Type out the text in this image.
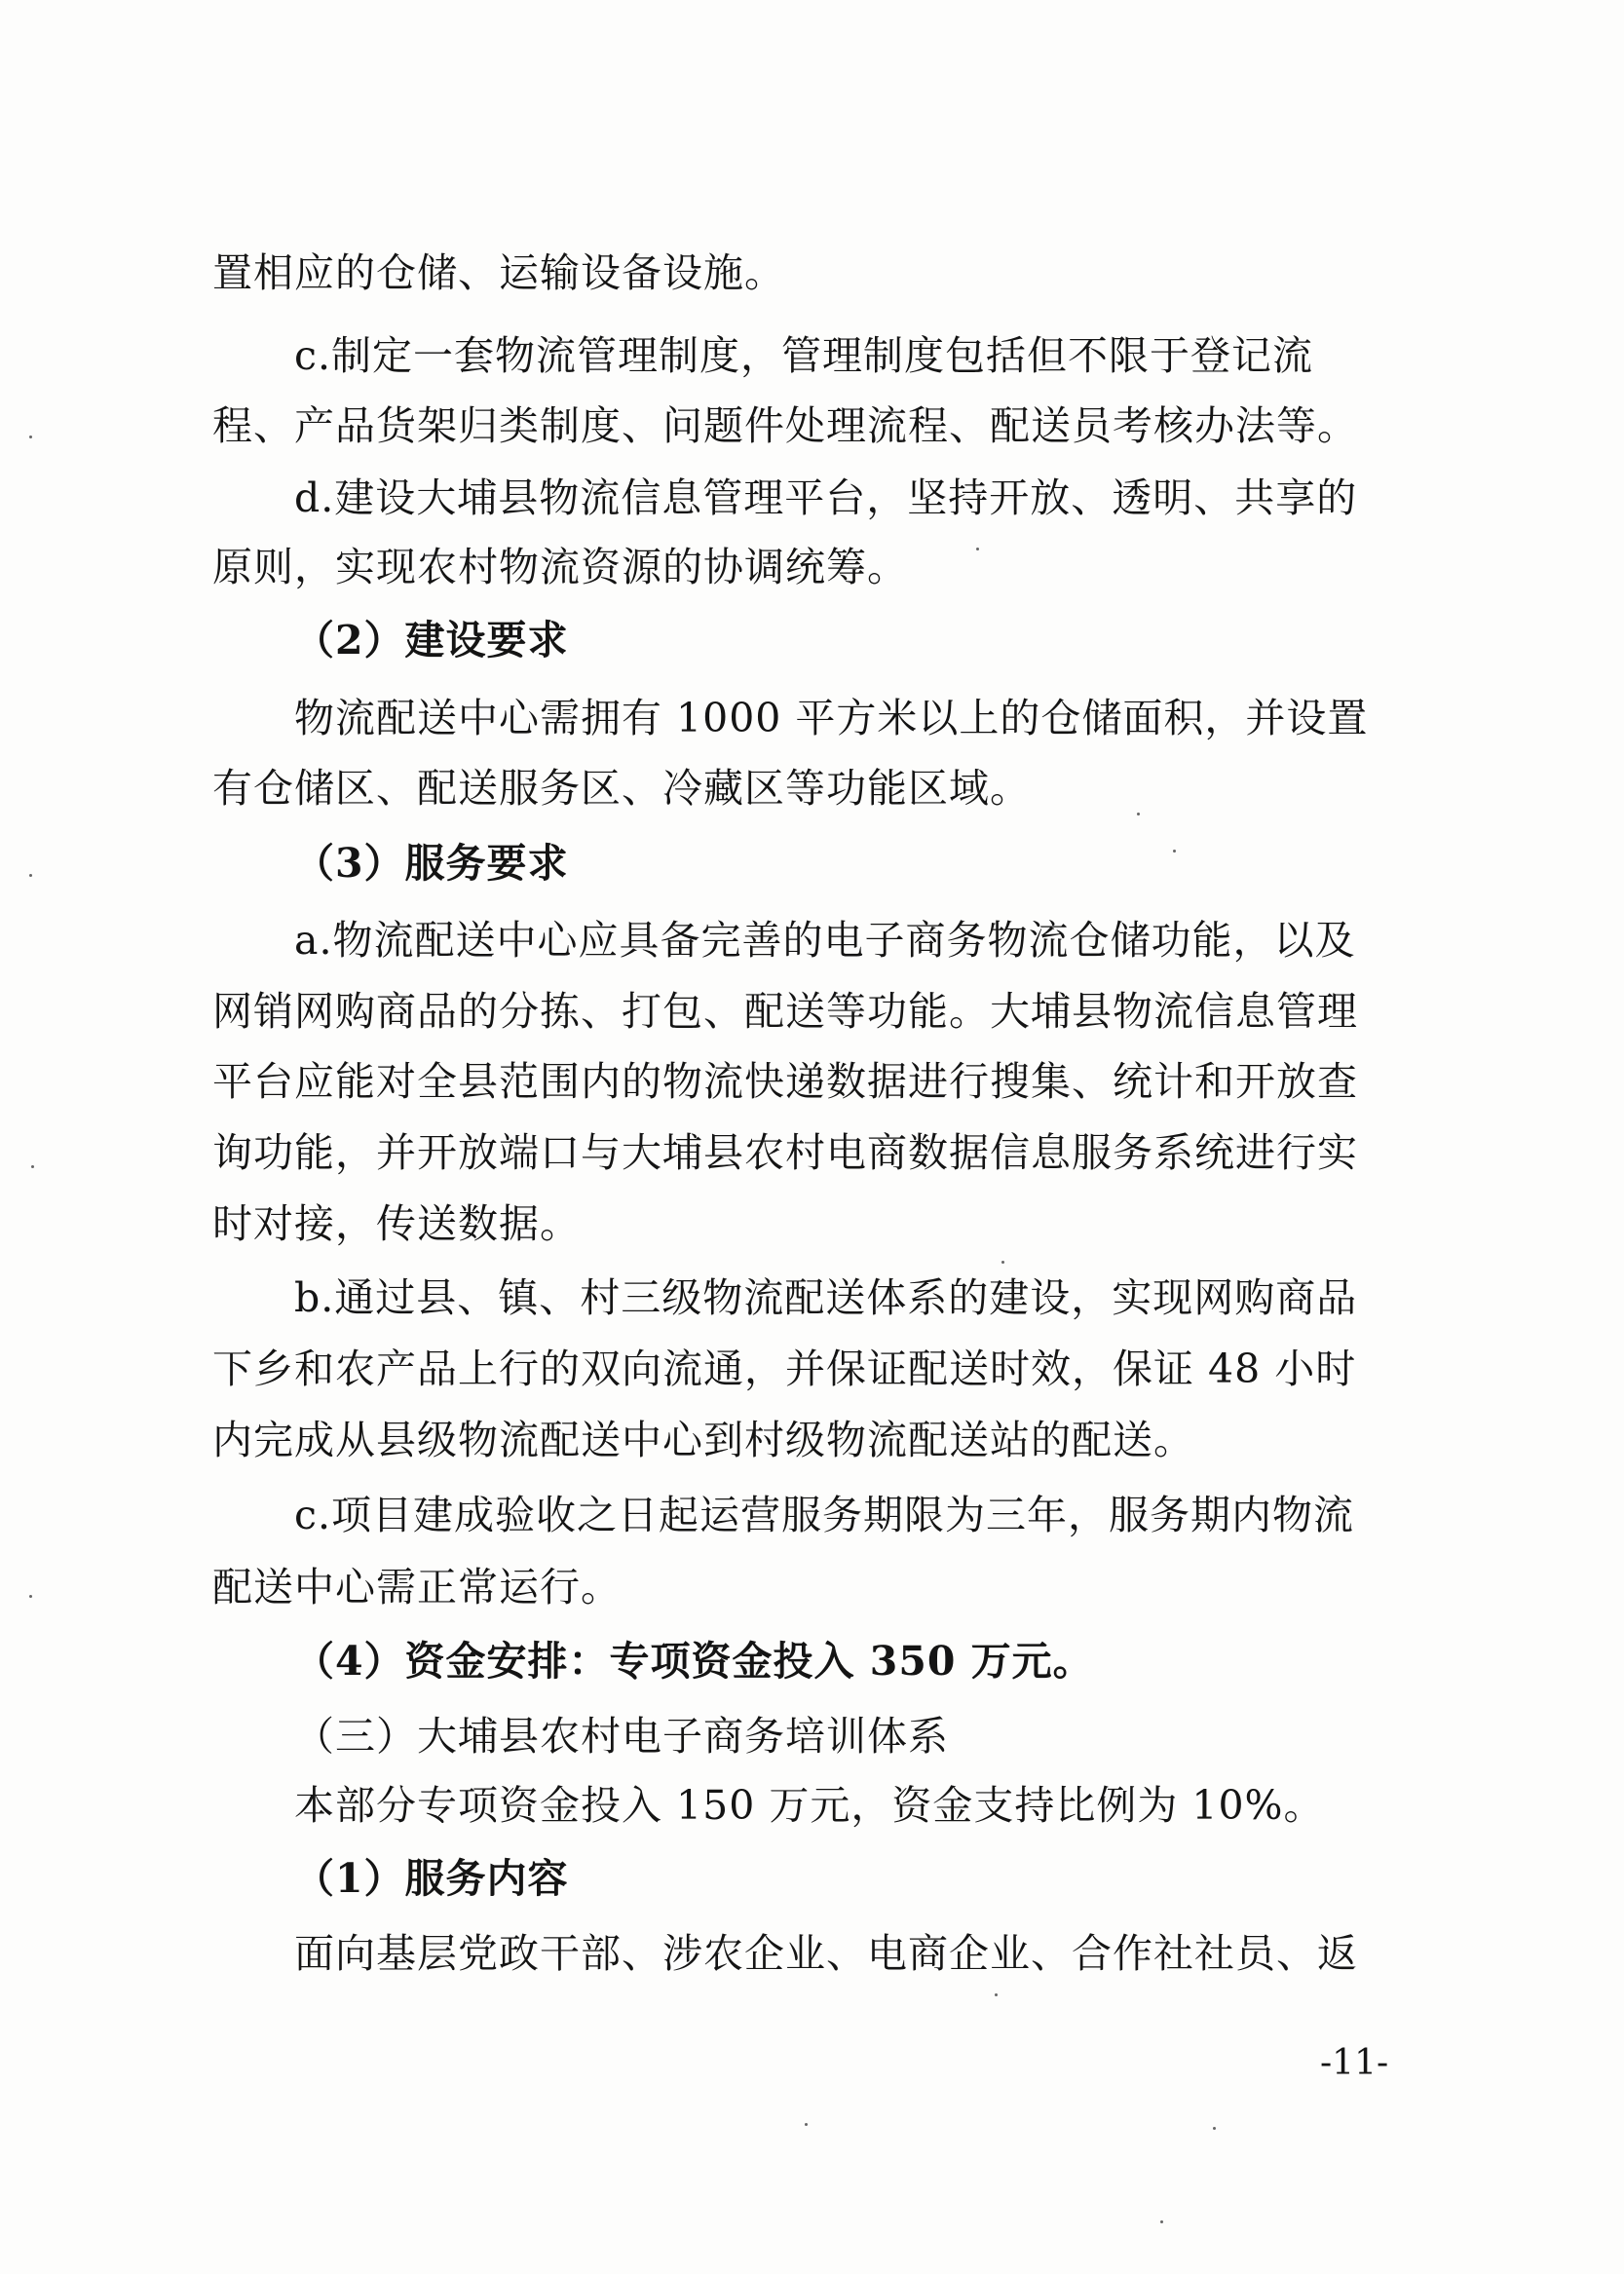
置相应的仓储、运输设备设施。
c.制定一套物流管理制度，管理制度包括但不限于登记流
程、产品货架归类制度、问题件处理流程、配送员考核办法等。
d.建设大埔县物流信息管理平台，坚持开放、透明、共享的
原则，实现农村物流资源的协调统筹。
（2）建设要求
物流配送中心需拥有 1000 平方米以上的仓储面积，并设置
有仓储区、配送服务区、冷藏区等功能区域。
（3）服务要求
a.物流配送中心应具备完善的电子商务物流仓储功能，以及
网销网购商品的分拣、打包、配送等功能。大埔县物流信息管理
平台应能对全县范围内的物流快递数据进行搜集、统计和开放查
询功能，并开放端口与大埔县农村电商数据信息服务系统进行实
时对接，传送数据。
b.通过县、镇、村三级物流配送体系的建设，实现网购商品
下乡和农产品上行的双向流通，并保证配送时效，保证 48 小时
内完成从县级物流配送中心到村级物流配送站的配送。
c.项目建成验收之日起运营服务期限为三年，服务期内物流
配送中心需正常运行。
（4）资金安排：专项资金投入 350 万元。
（三）大埔县农村电子商务培训体系
本部分专项资金投入 150 万元，资金支持比例为 10%。
（1）服务内容
面向基层党政干部、涉农企业、电商企业、合作社社员、返
-11-
